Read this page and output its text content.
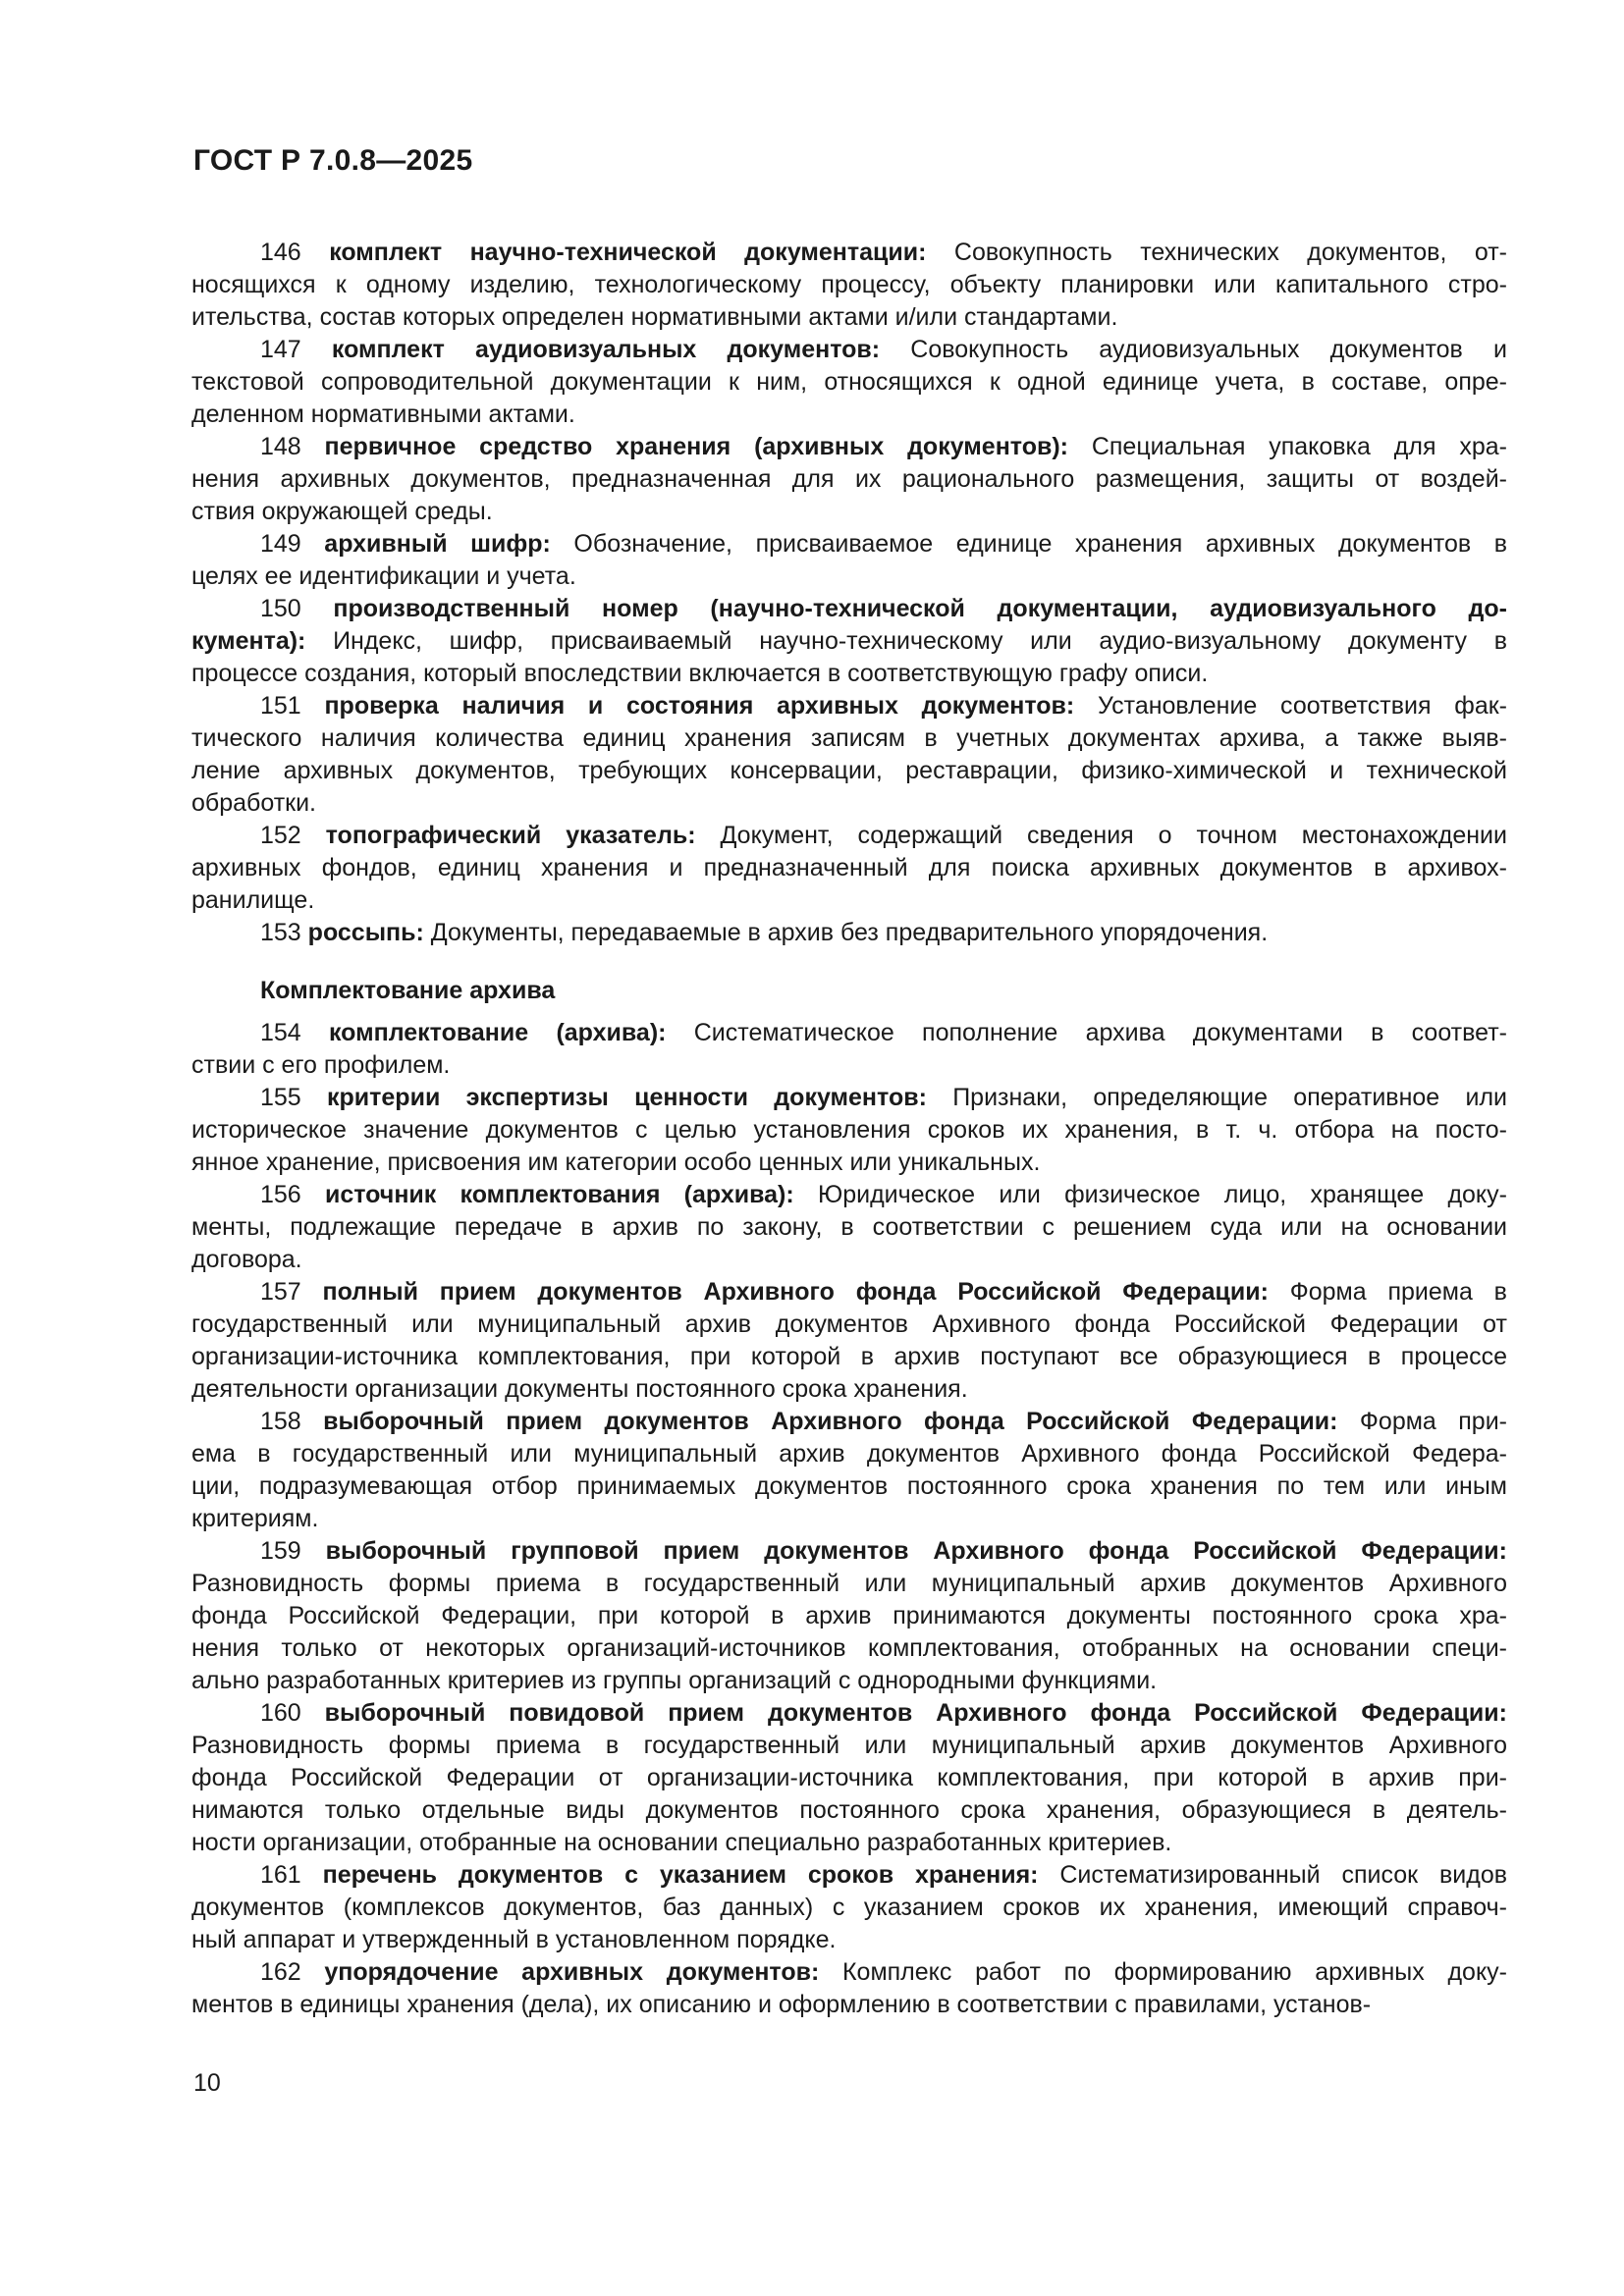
ГОСТ Р 7.0.8—2025
146 комплект научно-технической документации: Совокупность технических документов, от-
носящихся к одному изделию, технологическому процессу, объекту планировки или капитального стро-
ительства, состав которых определен нормативными актами и/или стандартами.
147 комплект аудиовизуальных документов: Совокупность аудиовизуальных документов и
текстовой сопроводительной документации к ним, относящихся к одной единице учета, в составе, опре-
деленном нормативными актами.
148 первичное средство хранения (архивных документов): Специальная упаковка для хра-
нения архивных документов, предназначенная для их рационального размещения, защиты от воздей-
ствия окружающей среды.
149 архивный шифр: Обозначение, присваиваемое единице хранения архивных документов в
целях ее идентификации и учета.
150 производственный номер (научно-технической документации, аудиовизуального до-
кумента): Индекс, шифр, присваиваемый научно-техническому или аудио-визуальному документу в
процессе создания, который впоследствии включается в соответствующую графу описи.
151 проверка наличия и состояния архивных документов: Установление соответствия фак-
тического наличия количества единиц хранения записям в учетных документах архива, а также выяв-
ление архивных документов, требующих консервации, реставрации, физико-химической и технической
обработки.
152 топографический указатель: Документ, содержащий сведения о точном местонахождении
архивных фондов, единиц хранения и предназначенный для поиска архивных документов в архивох-
ранилище.
153 россыпь: Документы, передаваемые в архив без предварительного упорядочения.
Комплектование архива
154 комплектование (архива): Систематическое пополнение архива документами в соответ-
ствии с его профилем.
155 критерии экспертизы ценности документов: Признаки, определяющие оперативное или
историческое значение документов с целью установления сроков их хранения, в т. ч. отбора на посто-
янное хранение, присвоения им категории особо ценных или уникальных.
156 источник комплектования (архива): Юридическое или физическое лицо, хранящее доку-
менты, подлежащие передаче в архив по закону, в соответствии с решением суда или на основании
договора.
157 полный прием документов Архивного фонда Российской Федерации: Форма приема в
государственный или муниципальный архив документов Архивного фонда Российской Федерации от
организации-источника комплектования, при которой в архив поступают все образующиеся в процессе
деятельности организации документы постоянного срока хранения.
158 выборочный прием документов Архивного фонда Российской Федерации: Форма при-
ема в государственный или муниципальный архив документов Архивного фонда Российской Федера-
ции, подразумевающая отбор принимаемых документов постоянного срока хранения по тем или иным
критериям.
159 выборочный групповой прием документов Архивного фонда Российской Федерации:
Разновидность формы приема в государственный или муниципальный архив документов Архивного
фонда Российской Федерации, при которой в архив принимаются документы постоянного срока хра-
нения только от некоторых организаций-источников комплектования, отобранных на основании специ-
ально разработанных критериев из группы организаций с однородными функциями.
160 выборочный повидовой прием документов Архивного фонда Российской Федерации:
Разновидность формы приема в государственный или муниципальный архив документов Архивного
фонда Российской Федерации от организации-источника комплектования, при которой в архив при-
нимаются только отдельные виды документов постоянного срока хранения, образующиеся в деятель-
ности организации, отобранные на основании специально разработанных критериев.
161 перечень документов с указанием сроков хранения: Систематизированный список видов
документов (комплексов документов, баз данных) с указанием сроков их хранения, имеющий справоч-
ный аппарат и утвержденный в установленном порядке.
162 упорядочение архивных документов: Комплекс работ по формированию архивных доку-
ментов в единицы хранения (дела), их описанию и оформлению в соответствии с правилами, установ-
10
